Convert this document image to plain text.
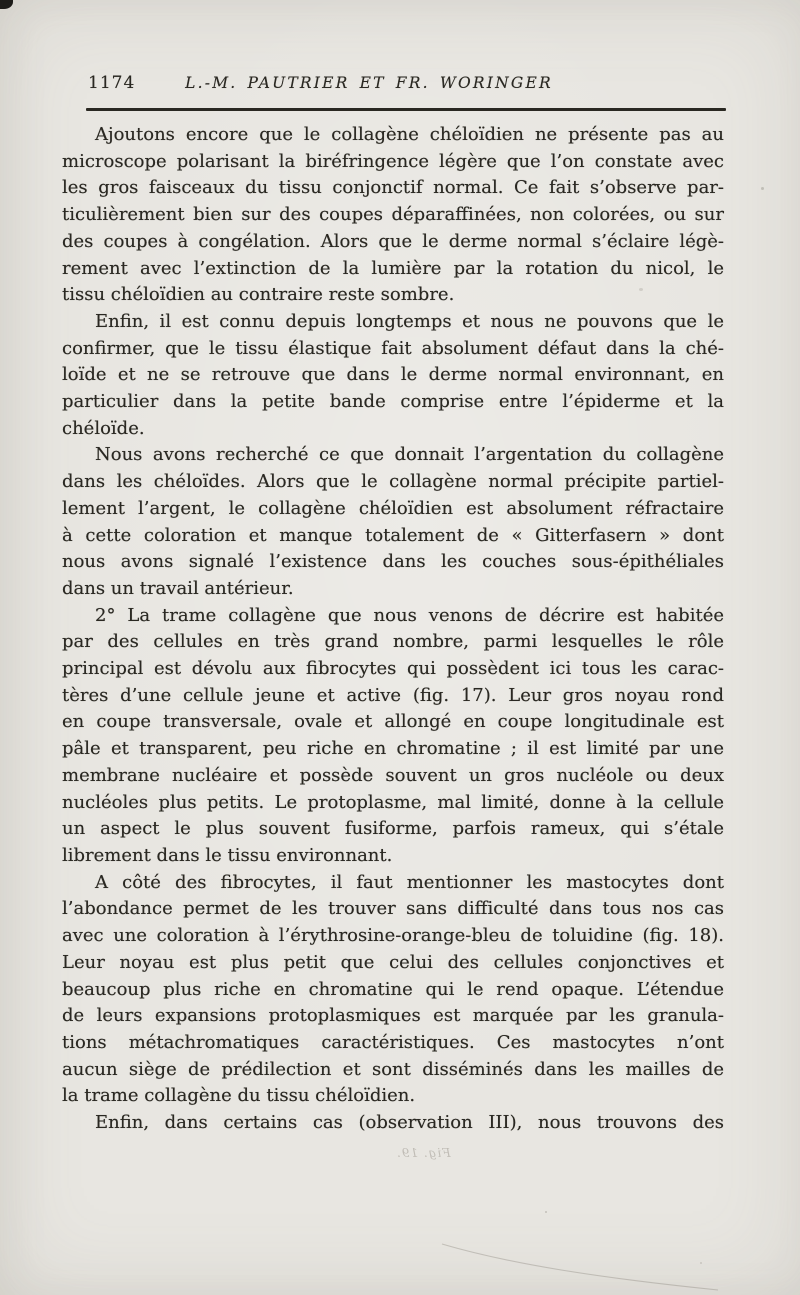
1174	L.-M. PAUTRIER ET FR. WORINGER
Ajoutons encore que le collagène chéloïdien ne présente pas au
microscope polarisant la biréfringence légère que l’on constate avec
les gros faisceaux du tissu conjonctif normal. Ce fait s’observe par-
ticulièrement bien sur des coupes déparaffinées, non colorées, ou sur
des coupes à congélation. Alors que le derme normal s’éclaire légè-
rement avec l’extinction de la lumière par la rotation du nicol, le
tissu chéloïdien au contraire reste sombre.
Enfin, il est connu depuis longtemps et nous ne pouvons que le
confirmer, que le tissu élastique fait absolument défaut dans la ché-
loïde et ne se retrouve que dans le derme normal environnant, en
particulier dans la petite bande comprise entre l’épiderme et la
chéloïde.
Nous avons recherché ce que donnait l’argentation du collagène
dans les chéloïdes. Alors que le collagène normal précipite partiel-
lement l’argent, le collagène chéloïdien est absolument réfractaire
à cette coloration et manque totalement de « Gitterfasern » dont
nous avons signalé l’existence dans les couches sous-épithéliales
dans un travail antérieur.
2° La trame collagène que nous venons de décrire est habitée
par des cellules en très grand nombre, parmi lesquelles le rôle
principal est dévolu aux fibrocytes qui possèdent ici tous les carac-
tères d’une cellule jeune et active (fig. 17). Leur gros noyau rond
en coupe transversale, ovale et allongé en coupe longitudinale est
pâle et transparent, peu riche en chromatine ; il est limité par une
membrane nucléaire et possède souvent un gros nucléole ou deux
nucléoles plus petits. Le protoplasme, mal limité, donne à la cellule
un aspect le plus souvent fusiforme, parfois rameux, qui s’étale
librement dans le tissu environnant.
A côté des fibrocytes, il faut mentionner les mastocytes dont
l’abondance permet de les trouver sans difficulté dans tous nos cas
avec une coloration à l’érythrosine-orange-bleu de toluidine (fig. 18).
Leur noyau est plus petit que celui des cellules conjonctives et
beaucoup plus riche en chromatine qui le rend opaque. L’étendue
de leurs expansions protoplasmiques est marquée par les granula-
tions métachromatiques caractéristiques. Ces mastocytes n’ont
aucun siège de prédilection et sont disséminés dans les mailles de
la trame collagène du tissu chéloïdien.
Enfin, dans certains cas (observation III), nous trouvons des
Fig. 19.
